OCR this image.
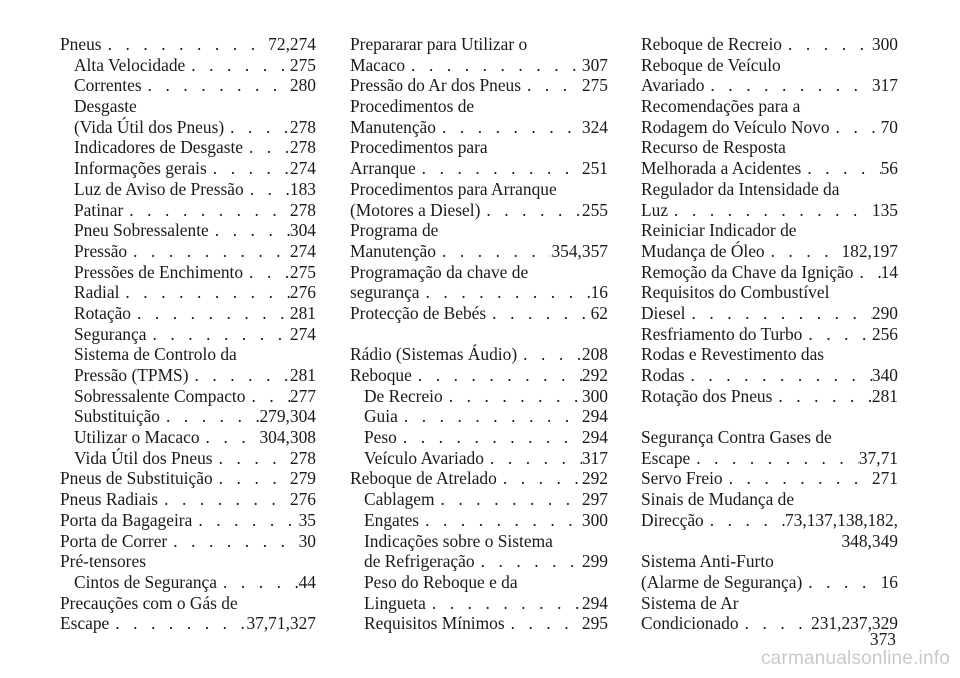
Pneus . . .	72,274
Alta Velocidade . . .	275
Correntes . . .	280
Desgaste
(Vida Útil dos Pneus) . . .	278
Indicadores de Desgaste . . .	278
Informações gerais . . .	274
Luz de Aviso de Pressão . . .	183
Patinar . . .	278
Pneu Sobressalente . . .	304
Pressão . . .	274
Pressões de Enchimento . . .	275
Radial . . .	276
Rotação . . .	281
Segurança . . .	274
Sistema de Controlo da
Pressão (TPMS) . . .	281
Sobressalente Compacto . . .	277
Substituição . . .	279,304
Utilizar o Macaco . . .	304,308
Vida Útil dos Pneus . . .	278
Pneus de Substituição . . .	279
Pneus Radiais . . .	276
Porta da Bagageira . . .	35
Porta de Correr . . .	30
Pré-tensores
Cintos de Segurança . . .	44
Precauções com o Gás de
Escape . . .	37,71,327
Prepararar para Utilizar o
Macaco . . .	307
Pressão do Ar dos Pneus . . .	275
Procedimentos de
Manutenção . . .	324
Procedimentos para
Arranque . . .	251
Procedimentos para Arranque
(Motores a Diesel) . . .	255
Programa de
Manutenção . . .	354,357
Programação da chave de
segurança . . .	16
Protecção de Bebés . . .	62
Rádio (Sistemas Áudio) . . .	208
Reboque . . .	292
De Recreio . . .	300
Guia . . .	294
Peso . . .	294
Veículo Avariado . . .	317
Reboque de Atrelado . . .	292
Cablagem . . .	297
Engates . . .	300
Indicações sobre o Sistema
de Refrigeração . . .	299
Peso do Reboque e da
Lingueta . . .	294
Requisitos Mínimos . . .	295
Reboque de Recreio . . .	300
Reboque de Veículo
Avariado . . .	317
Recomendações para a
Rodagem do Veículo Novo . . .	70
Recurso de Resposta
Melhorada a Acidentes . . .	56
Regulador da Intensidade da
Luz . . .	135
Reiniciar Indicador de
Mudança de Óleo . . .	182,197
Remoção da Chave da Ignição . . . 14
Requisitos do Combustível
Diesel . . .	290
Resfriamento do Turbo . . .	256
Rodas e Revestimento das
Rodas . . .	340
Rotação dos Pneus . . .	281
Segurança Contra Gases de
Escape . . .	37,71
Servo Freio . . .	271
Sinais de Mudança de
Direcção . . .	73,137,138,182,
348,349
Sistema Anti-Furto
(Alarme de Segurança) . . .	16
Sistema de Ar
Condicionado . . .	231,237,329
373
carmanualsonline.info
